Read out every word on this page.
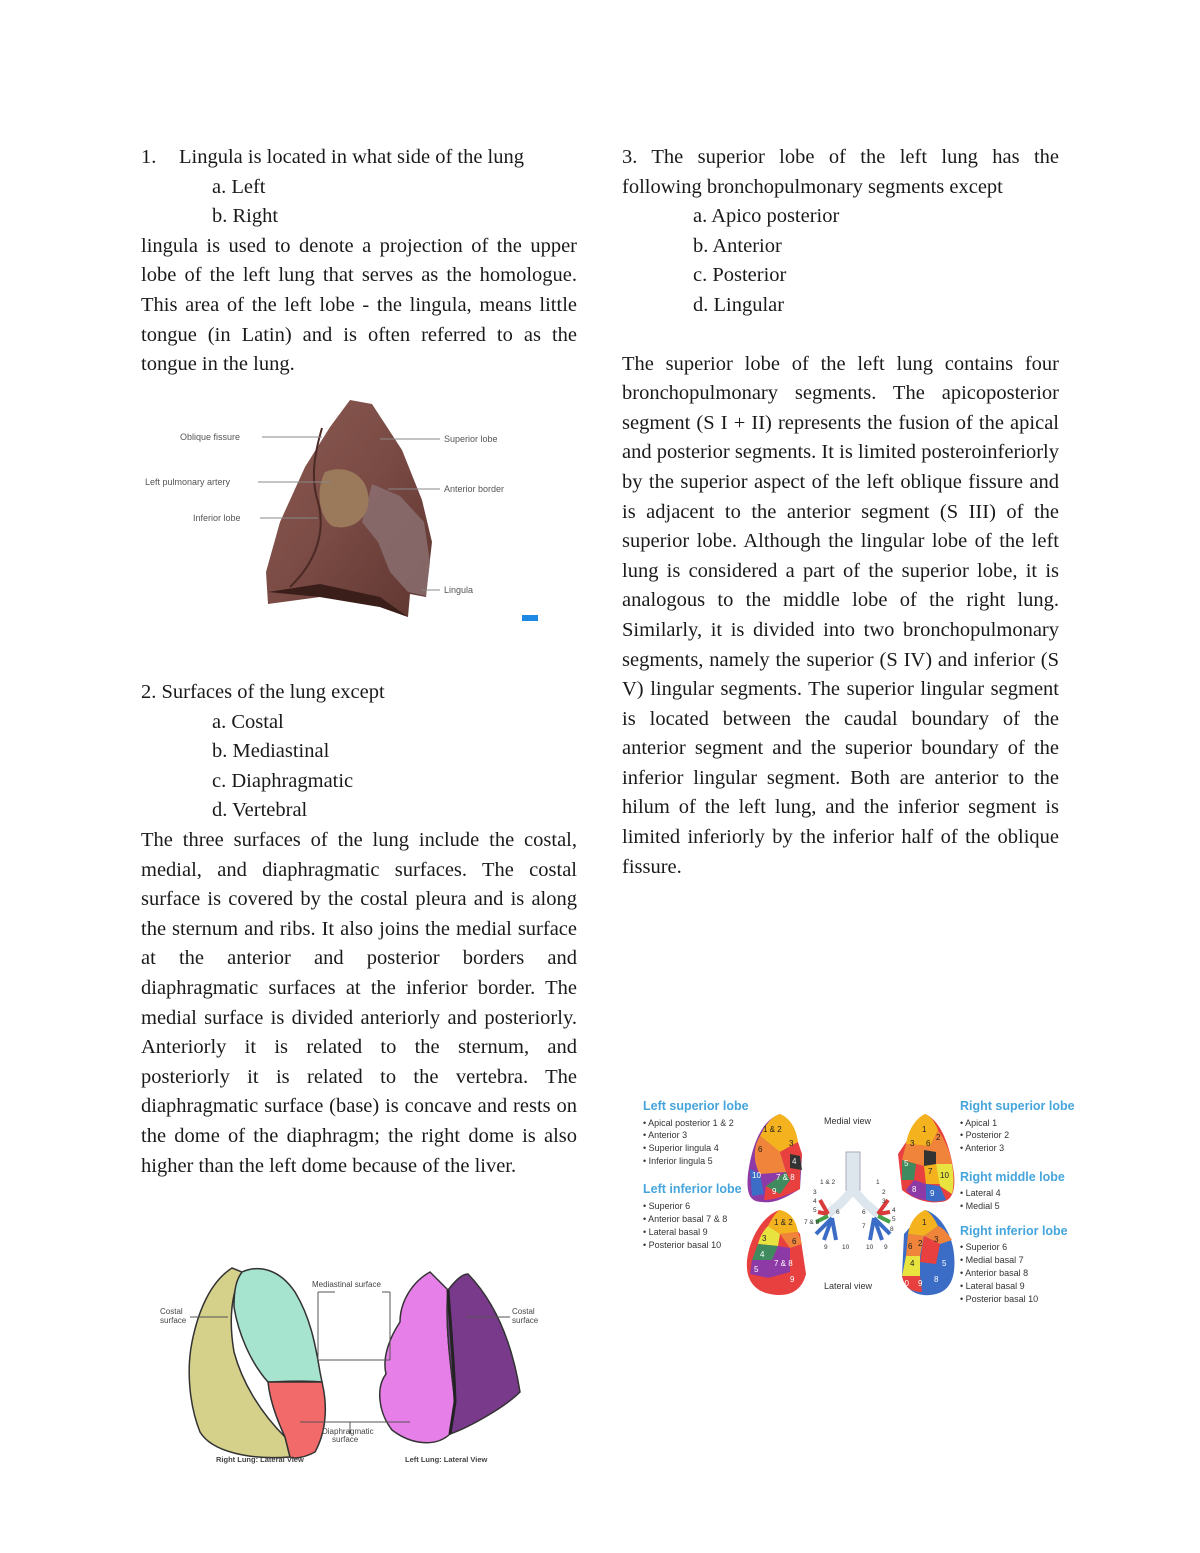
1. Lingula is located in what side of the lung
a. Left
b. Right

lingula is used to denote a projection of the upper lobe of the left lung that serves as the homologue. This area of the left lobe - the lingula, means little tongue (in Latin) and is often referred to as the tongue in the lung.

2. Surfaces of the lung except
a. Costal
b. Mediastinal
c. Diaphragmatic
d. Vertebral

The three surfaces of the lung include the costal, medial, and diaphragmatic surfaces. The costal surface is covered by the costal pleura and is along the sternum and ribs. It also joins the medial surface at the anterior and posterior borders and diaphragmatic surfaces at the inferior border. The medial surface is divided anteriorly and posteriorly. Anteriorly it is related to the sternum, and posteriorly it is related to the vertebra. The diaphragmatic surface (base) is concave and rests on the dome of the diaphragm; the right dome is also higher than the left dome because of the liver.

3. The superior lobe of the left lung has the following bronchopulmonary segments except

a. Apico posterior
b. Anterior
c. Posterior
d. Lingular

The superior lobe of the left lung contains four bronchopulmonary segments. The apicoposterior segment (S I + II) represents the fusion of the apical and posterior segments. It is limited posteroinferiorly by the superior aspect of the left oblique fissure and is adjacent to the anterior segment (S III) of the superior lobe. Although the lingular lobe of the left lung is considered a part of the superior lobe, it is analogous to the middle lobe of the right lung. Similarly, it is divided into two bronchopulmonary segments, namely the superior (S IV) and inferior (S V) lingular segments. The superior lingular segment is located between the caudal boundary of the anterior segment and the superior boundary of the inferior lingular segment. Both are anterior to the hilum of the left lung, and the inferior segment is limited inferiorly by the inferior half of the oblique fissure.

Oblique fissure
Left pulmonary artery
Inferior lobe
Superior lobe
Anterior border
Lingula
Mediastinal surface
Costal
surface
Costal
surface
Diaphragmatic
surface
Right Lung: Lateral View	Left Lung: Lateral View
Left superior lobe
• Apical posterior 1 & 2
• Anterior 3
• Superior lingula 4
• Inferior lingula 5
Left inferior lobe
• Superior 6
• Anterior basal 7 & 8
• Lateral basal 9
• Posterior basal 10
Right superior lobe
• Apical 1
• Posterior 2
• Anterior 3
Right middle lobe
• Lateral 4
• Medial 5
Right inferior lobe
• Superior 6
• Medial basal 7
• Anterior basal 8
• Lateral basal 9
• Posterior basal 10
Medial view
Lateral view
1 & 2
3
6
4
10 7 & 8
9
1
2
3 6
5
7 10
8 9
1 & 2
3
4
5
7 & 8
6
9 10
1
2
3
4
5
6
8
7
10 9
1 & 2
3	6
4
5
7 & 8
9
1
2 3
6
4	5
10 9 8
